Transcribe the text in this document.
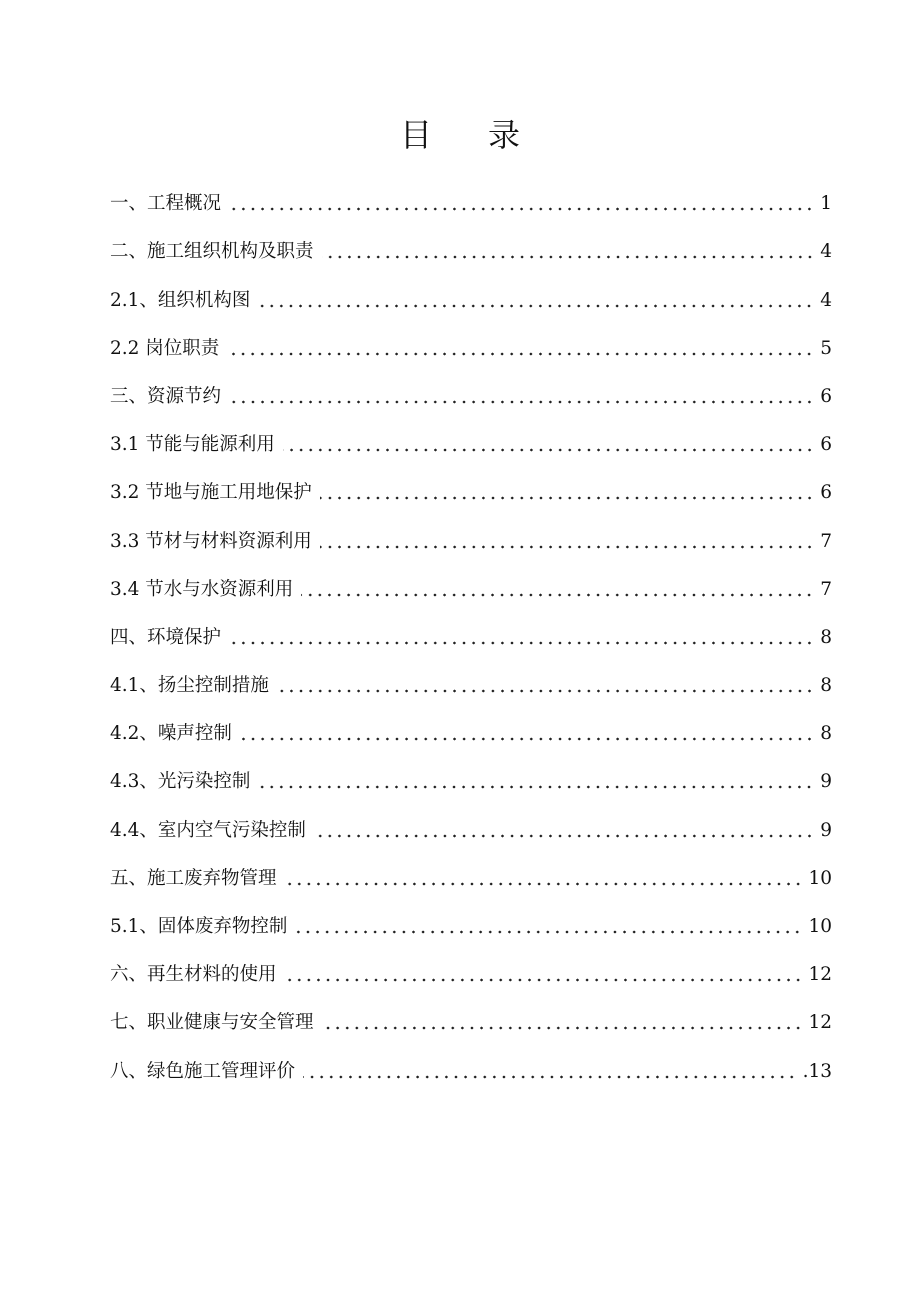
目录
一、工程概况	1
二、施工组织机构及职责	4
2.1、组织机构图	4
2.2 岗位职责	5
三、资源节约	6
3.1 节能与能源利用	6
3.2 节地与施工用地保护	6
3.3 节材与材料资源利用	7
3.4 节水与水资源利用	7
四、环境保护	8
4.1、扬尘控制措施	8
4.2、噪声控制	8
4.3、光污染控制	9
4.4、室内空气污染控制	9
五、施工废弃物管理	10
5.1、固体废弃物控制	10
六、再生材料的使用	12
七、职业健康与安全管理	12
八、绿色施工管理评价	.13
